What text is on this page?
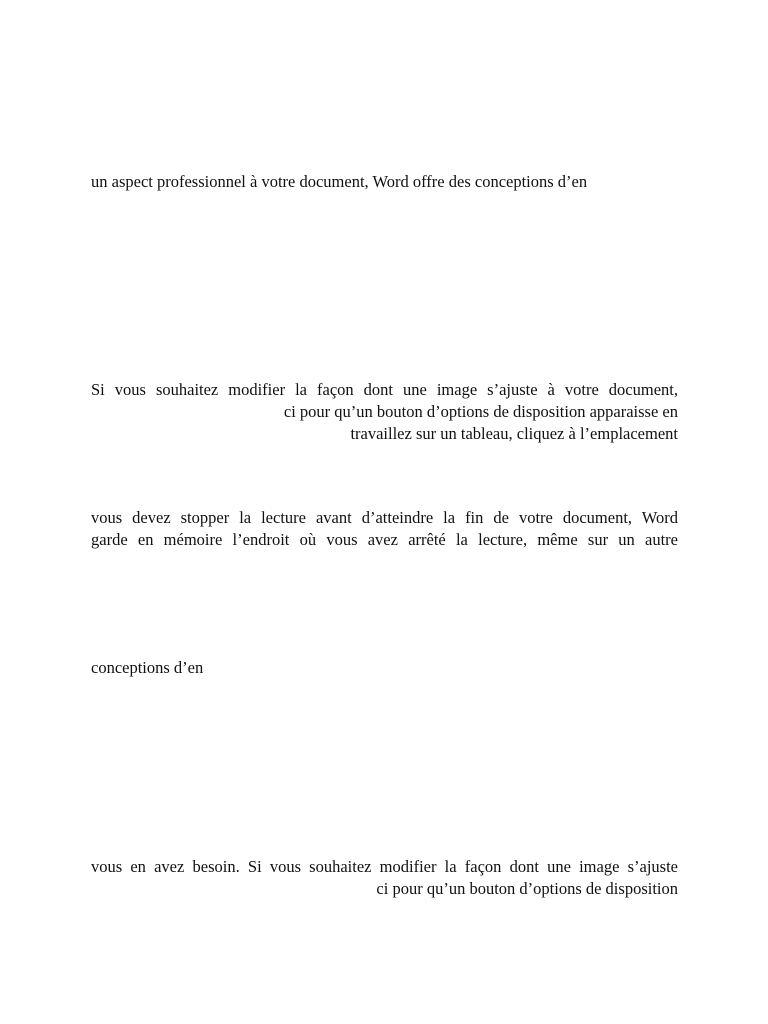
un aspect professionnel à votre document, Word offre des conceptions d’en
Si vous souhaitez modifier la façon dont une image s’ajuste à votre document,
ci pour qu’un bouton d’options de disposition apparaisse en
travaillez sur un tableau, cliquez à l’emplacement
vous devez stopper la lecture avant d’atteindre la fin de votre document, Word
garde en mémoire l’endroit où vous avez arrêté la lecture, même sur un autre
conceptions d’en
vous en avez besoin. Si vous souhaitez modifier la façon dont une image s’ajuste
ci pour qu’un bouton d’options de disposition
